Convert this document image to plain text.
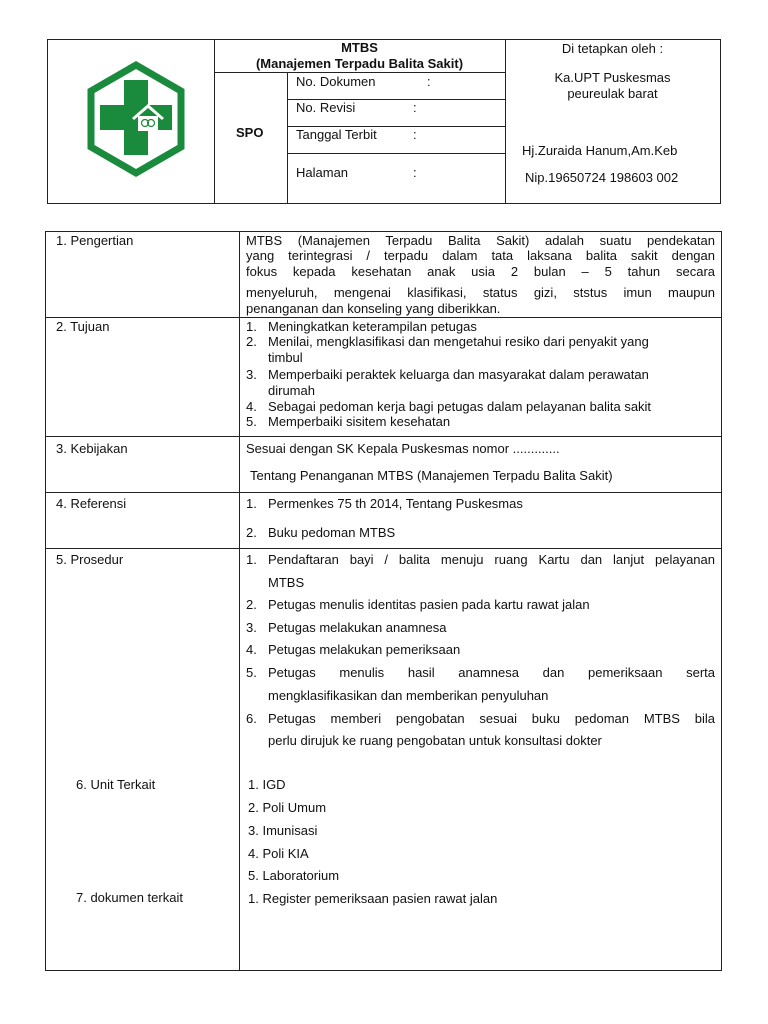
MTBS
(Manajemen Terpadu Balita Sakit)
SPO
No. Dokumen	:
No. Revisi	:
Tanggal Terbit	:
Halaman	:
Di tetapkan oleh :
Ka.UPT Puskesmas
peureulak barat
Hj.Zuraida Hanum,Am.Keb
Nip.19650724 198603 002
1. Pengertian	MTBS (Manajemen Terpadu Balita Sakit) adalah suatu pendekatan
yang terintegrasi / terpadu dalam tata laksana balita sakit dengan
fokus kepada kesehatan anak usia 2 bulan – 5 tahun secara
menyeluruh, mengenai klasifikasi, status gizi, ststus imun maupun
penanganan dan konseling yang diberikkan.
2. Tujuan	1. Meningkatkan keterampilan petugas
2. Menilai, mengklasifikasi dan mengetahui resiko dari penyakit yang
timbul
3. Memperbaiki peraktek keluarga dan masyarakat dalam perawatan
dirumah
4. Sebagai pedoman kerja bagi petugas dalam pelayanan balita sakit
5. Memperbaiki sisitem kesehatan
3. Kebijakan	Sesuai dengan SK Kepala Puskesmas nomor .............
Tentang Penanganan MTBS (Manajemen Terpadu Balita Sakit)
4. Referensi	1. Permenkes 75 th 2014, Tentang Puskesmas
2. Buku pedoman MTBS
5. Prosedur	1. Pendaftaran bayi / balita menuju ruang Kartu dan lanjut pelayanan
MTBS
2. Petugas menulis identitas pasien pada kartu rawat jalan
3. Petugas melakukan anamnesa
4. Petugas melakukan pemeriksaan
5. Petugas menulis hasil anamnesa dan pemeriksaan serta
mengklasifikasikan dan memberikan penyuluhan
6. Petugas memberi pengobatan sesuai buku pedoman MTBS bila
perlu dirujuk ke ruang pengobatan untuk konsultasi dokter
6. Unit Terkait	1. IGD
2. Poli Umum
3. Imunisasi
4. Poli KIA
5. Laboratorium
7. dokumen terkait	1. Register pemeriksaan pasien rawat jalan
